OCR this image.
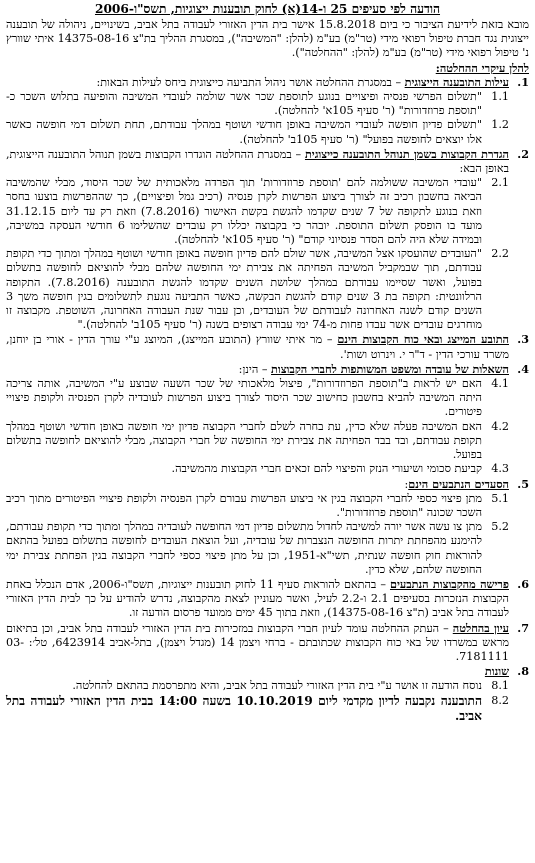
הודעה לפי סעיפים 25 ו-14(א) לחוק תובענות ייצוגיות, תשס"ו-2006

מובא בזאת לידיעת הציבור כי ביום 15.8.2018 אישר בית הדין האזורי לעבודה בתל אביב, בשינויים, ניהולה של תובענה ייצוגית נגד חברת טיפול רפואי מידי (טר"מ) בע"מ (להלן: "המשיבה"), במסגרת ההליך בת"צ 14375-08-16 איתי שוורץ נ' טיפול רפואי מידי (טר"מ) בע"מ (להלן: "ההחלטה").

להלן עיקרי ההחלטה:
1.

עילות התובענה הייצוגית – במסגרת ההחלטה אושר ניהול התביעה כייצוגית ביחס לעילות הבאות:

1.1

"תשלום הפרשי פנסיה ופיצויים בנוגע לתוספת שכר אשר שולמה לעובדי המשיבה והופיעה בתלוש השכר כ-"תוספת פרוזדורות" (ר' סעיף 105א' להחלטה).

1.2

"תשלום פדיון חופשה לעובדי המשיבה באופן חודשי ושוטף במהלך עבודתם, תחת תשלום דמי חופשה כאשר אלו יוצאים לחופשה בפועל" (ר' סעיף 105ב' להחלטה).

2.

הגדרת הקבוצות בשמן תנוהל התובענה כייצוגית – במסגרת ההחלטה הוגדרו הקבוצות בשמן תנוהל התובענה הייצוגית, באופן הבא:

2.1

"עובדי המשיבה ששולמה להם 'תוספת פרוזדורות' תוך הפרדה מלאכותית של שכר היסוד, מבלי שהמשיבה הביאה בחשבון רכיב זה לצורך ביצוע הפרשות לקרן פנסיה (רכיב גמל ופיצויים), כך שההפרשות בוצעו בחסר וזאת בנוגע לתקופה של 7 שנים שקדמו להגשת בקשת האישור (7.8.2016) וזאת רק עד ליום 31.12.15 מועד בו הופסק תשלום התוספת. יובהר כי בקבוצה יכללו רק עובדים שהשלימו 6 חודשי העסקה במשיבה, ובמידה שלא היה להם הסדר פנסיוני קודם" (ר' סעיף 105א' להחלטה).

2.2

"העובדים שהועסקו אצל המשיבה, אשר שולם להם פדיון חופשה באופן חודשי ושוטף במהלך ומתוך כדי תקופת עבודתם, תוך שבמקביל המשיבה הפחיתה את צבירת ימי החופשה שלהם מבלי להוציאם לחופשה בתשלום בפועל, ואשר שסיימו עבודתם במהלך שלושת השנים שקדמו להגשת התובענה (7.8.2016). התקופה הרלוונטית: תקופה בת 3 שנים קודם להגשת הבקשה, כאשר התביעה נוגעת לתשלומים בגין חופשה משך 3 השנים קודם לשנה האחרונה לעבודתם של העובדים, וכן עבור שנת העבודה האחרונה, השוטפת. מקבוצה זו מוחרגים עובדים אשר עבדו פחות מ-74 ימי עבודה רצופים בשנה (ר' סעיף 105ב' להחלטה)."

3.

התובע המייצג ובאי כוח הקבוצות הינם – מר איתי שוורץ (התובע המייצג), המיוצג ע"י עורך הדין - אורי בן יוחנן, משרד עורכי הדין - ד"ר י. וינרוט ושות'.

4.

השאלות של עובדה ומשפט המשותפות לחברי הקבוצות – הינן:

4.1

האם יש לראות ב"תוספת הפרוזדורות", פיצול מלאכותי של שכר השעה שבוצע ע"י המשיבה, אותה צריכה היתה המשיבה להביא בחשבון כחישוב שכר היסוד לצורך ביצוע הפרשות לעובדיה לקרן הפנסיה ולקופת פיצויי פיטורים.

4.2

האם המשיבה פעלה שלא כדין, עת בחרה לשלם לחברי הקבוצה פדיון ימי חופשה באופן חודשי ושוטף במהלך תקופת עבודתם, ובד בבד הפחיתה את צבירת ימי החופשה של חברי הקבוצה, מבלי להוציאם לחופשה בתשלום בפועל.

4.3

קביעת סכומי ושיעורי הנזק והפיצוי להם זכאים חברי הקבוצות מהמשיבה.

5.

הסעדים הנתבעים הינם:

5.1

מתן פיצוי כספי לחברי הקבוצה בגין אי ביצוע הפרשות עבורם לקרן הפנסיה ולקופת פיצויי הפיטורים מתוך רכיב השכר שכונה "תוספת פרוזדורות".

5.2

מתן צו עשה אשר יורה למשיבה לחדול מתשלום פדיון דמי החופשה לעובדיה במהלך ומתוך כדי תקופת עבודתם, להימנע מהפחתת יתרות החופשה הנצברות של עובדיה, ועל הוצאת העובדים לחופשה בתשלום בפועל בהתאם להוראות חוק חופשה שנתית, תשי"א-1951, וכן על מתן פיצוי כספי לחברי הקבוצה בגין הפחתת צבירת ימי החופשה שלהם, שלא כדין.

6.

פרישה מהקבוצות הנתבעים – בהתאם להוראות סעיף 11 לחוק תובענות ייצוגיות, תשס"ו-2006, אדם הנכלל באחת הקבוצות הנזכרות בסעיפים 2.1 ו-2.2 לעיל, ואשר מעוניין לצאת מהקבוצה, נדרש להודיע על כך לבית הדין האזורי לעבודה בתל אביב (ת"צ 14375-08-16), וזאת בתוך 45 ימים ממועד פרסום הודעה זו.

7.

עיון בהחלטה – העתק ההחלטה עומד לעיון חברי הקבוצות במזכירות בית הדין האזורי לעבודה בתל אביב, וכן בתיאום מראש במשרדו של באי כוח הקבוצות שכתובתם - ברחי ויצמן 14 (מגדל ויצמן), בתל-אביב 6423914, טל׳: 03-7181111.

8.

שונות

8.1

נוסח הודעה זו אושר ע"י בית הדין האזורי לעבודה בתל אביב, והיא מתפרסמת בהתאם להחלטה.

8.2

התובענה נקבעה לדיון מקדמי ליום 10.10.2019 בשעה 14:00 בבית הדין האזורי לעבודה בתל אביב.
